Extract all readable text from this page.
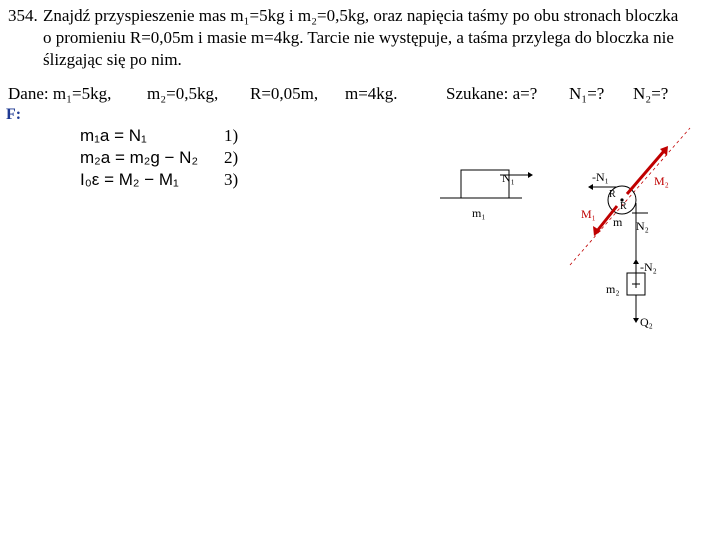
354. Znajdź przyspieszenie mas m₁=5kg i m₂=0,5kg, oraz napięcia taśmy po obu stronach bloczka
o promieniu R=0,05m i masie m=4kg. Tarcie nie występuje, a taśma przylega do bloczka nie
ślizgając się po nim.
Dane: m₁=5kg, m₂=0,5kg, R=0,05m, m=4kg.	Szukane: a=? N₁=? N₂=?
F:
m₁a = N₁	1)
m₂a = m₂g − N₂ 2)
I₀ε = M₂ − M₁	3)
m₁
N₁	-N₁
M₁
R
R
m
M₂
N₂
-N₂
m₂
Q₂
